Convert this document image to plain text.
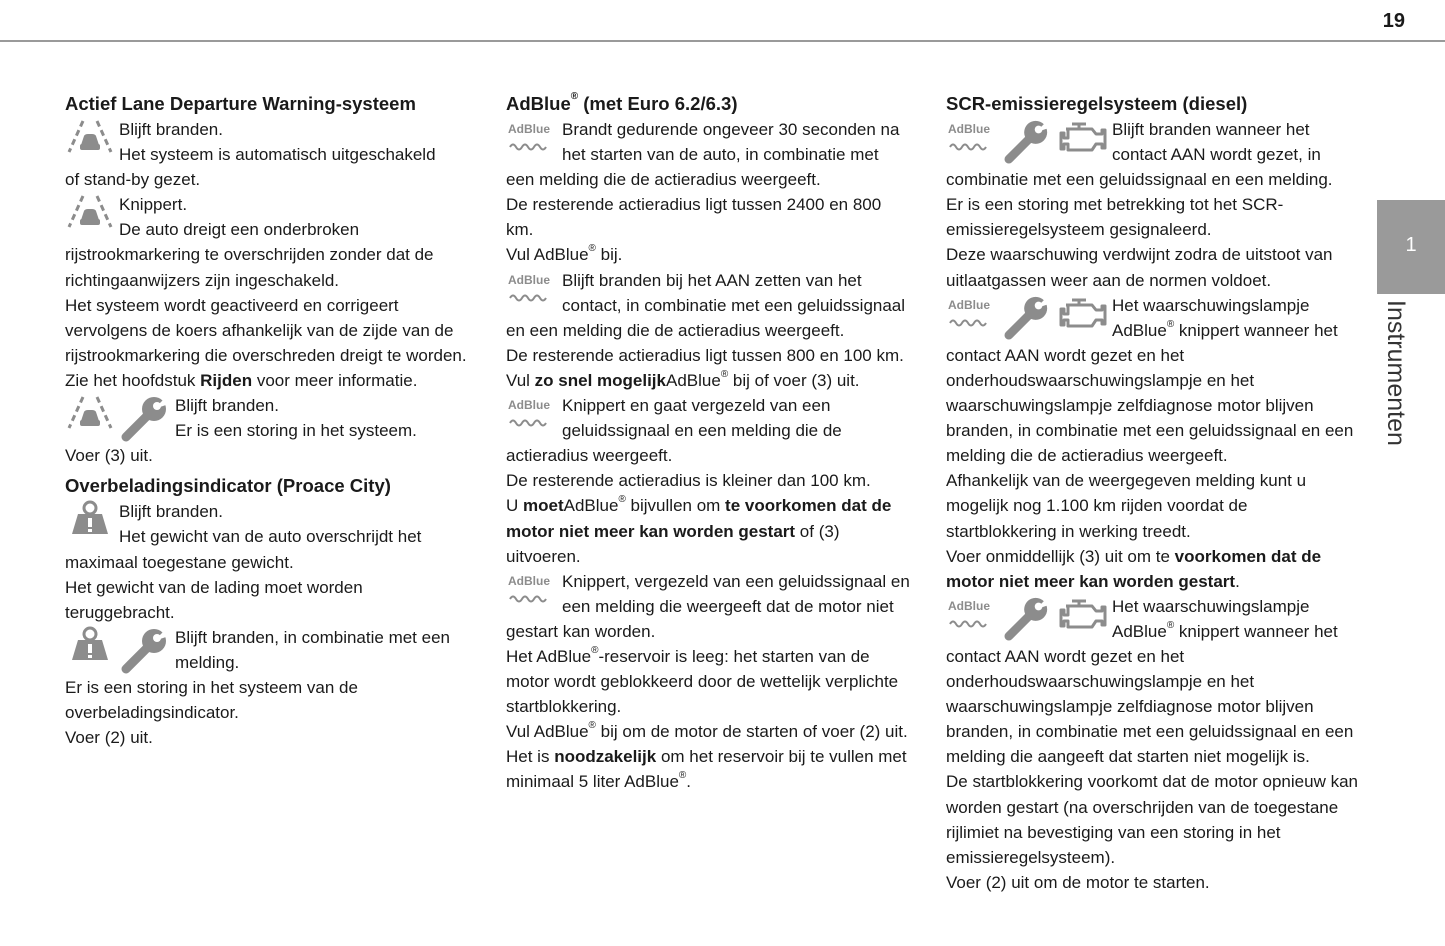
19
1
Instrumenten
Actief Lane Departure Warning-systeem

Blijft branden.

Het systeem is automatisch uitgeschakeld

of stand-by gezet.

Knippert.

De auto dreigt een onderbroken

rijstrookmarkering te overschrijden zonder dat de richtingaanwijzers zijn ingeschakeld.

Het systeem wordt geactiveerd en corrigeert vervolgens de koers afhankelijk van de zijde van de rijstrookmarkering die overschreden dreigt te worden.

Zie het hoofdstuk Rijden voor meer informatie.

Blijft branden.

Er is een storing in het systeem.

Voer (3) uit.

Overbeladingsindicator (Proace City)

Blijft branden.

Het gewicht van de auto overschrijdt het

maximaal toegestane gewicht.

Het gewicht van de lading moet worden teruggebracht.

Blijft branden, in combinatie met een melding.

Er is een storing in het systeem van de overbeladingsindicator.

Voer (2) uit.

AdBlue® (met Euro 6.2/6.3)

AdBlue Brandt gedurende ongeveer 30 seconden na het starten van de auto, in combinatie met een melding die de actieradius weergeeft.

De resterende actieradius ligt tussen 2400 en 800 km.

Vul AdBlue® bij.

AdBlue Blijft branden bij het AAN zetten van het contact, in combinatie met een geluidssignaal en een melding die de actieradius weergeeft.

De resterende actieradius ligt tussen 800 en 100 km.

Vul zo snel mogelijkAdBlue® bij of voer (3) uit.

AdBlue Knippert en gaat vergezeld van een geluidssignaal en een melding die de actieradius weergeeft.

De resterende actieradius is kleiner dan 100 km.

U moetAdBlue® bijvullen om te voorkomen dat de motor niet meer kan worden gestart of (3) uitvoeren.

AdBlue Knippert, vergezeld van een geluidssignaal en een melding die weergeeft dat de motor niet gestart kan worden.

Het AdBlue®-reservoir is leeg: het starten van de motor wordt geblokkeerd door de wettelijk verplichte startblokkering.

Vul AdBlue® bij om de motor de starten of voer (2) uit.

Het is noodzakelijk om het reservoir bij te vullen met minimaal 5 liter AdBlue®.

SCR-emissieregelsysteem (diesel)

AdBlue	Blijft branden wanneer het contact AAN wordt gezet, in combinatie met een geluidssignaal en een melding.

Er is een storing met betrekking tot het SCR-emissieregelsysteem gesignaleerd.

Deze waarschuwing verdwijnt zodra de uitstoot van uitlaatgassen weer aan de normen voldoet.

AdBlue	Het waarschuwingslampje AdBlue® knippert wanneer het contact AAN wordt gezet en het onderhoudswaarschuwingslampje en het waarschuwingslampje zelfdiagnose motor blijven branden, in combinatie met een geluidssignaal en een melding die de actieradius weergeeft.

Afhankelijk van de weergegeven melding kunt u mogelijk nog 1.100 km rijden voordat de startblokkering in werking treedt.

Voer onmiddellijk (3) uit om te voorkomen dat de motor niet meer kan worden gestart.

AdBlue	Het waarschuwingslampje AdBlue® knippert wanneer het contact AAN wordt gezet en het onderhoudswaarschuwingslampje en het waarschuwingslampje zelfdiagnose motor blijven branden, in combinatie met een geluidssignaal en een melding die aangeeft dat starten niet mogelijk is.

De startblokkering voorkomt dat de motor opnieuw kan worden gestart (na overschrijden van de toegestane rijlimiet na bevestiging van een storing in het emissieregelsysteem).

Voer (2) uit om de motor te starten.
